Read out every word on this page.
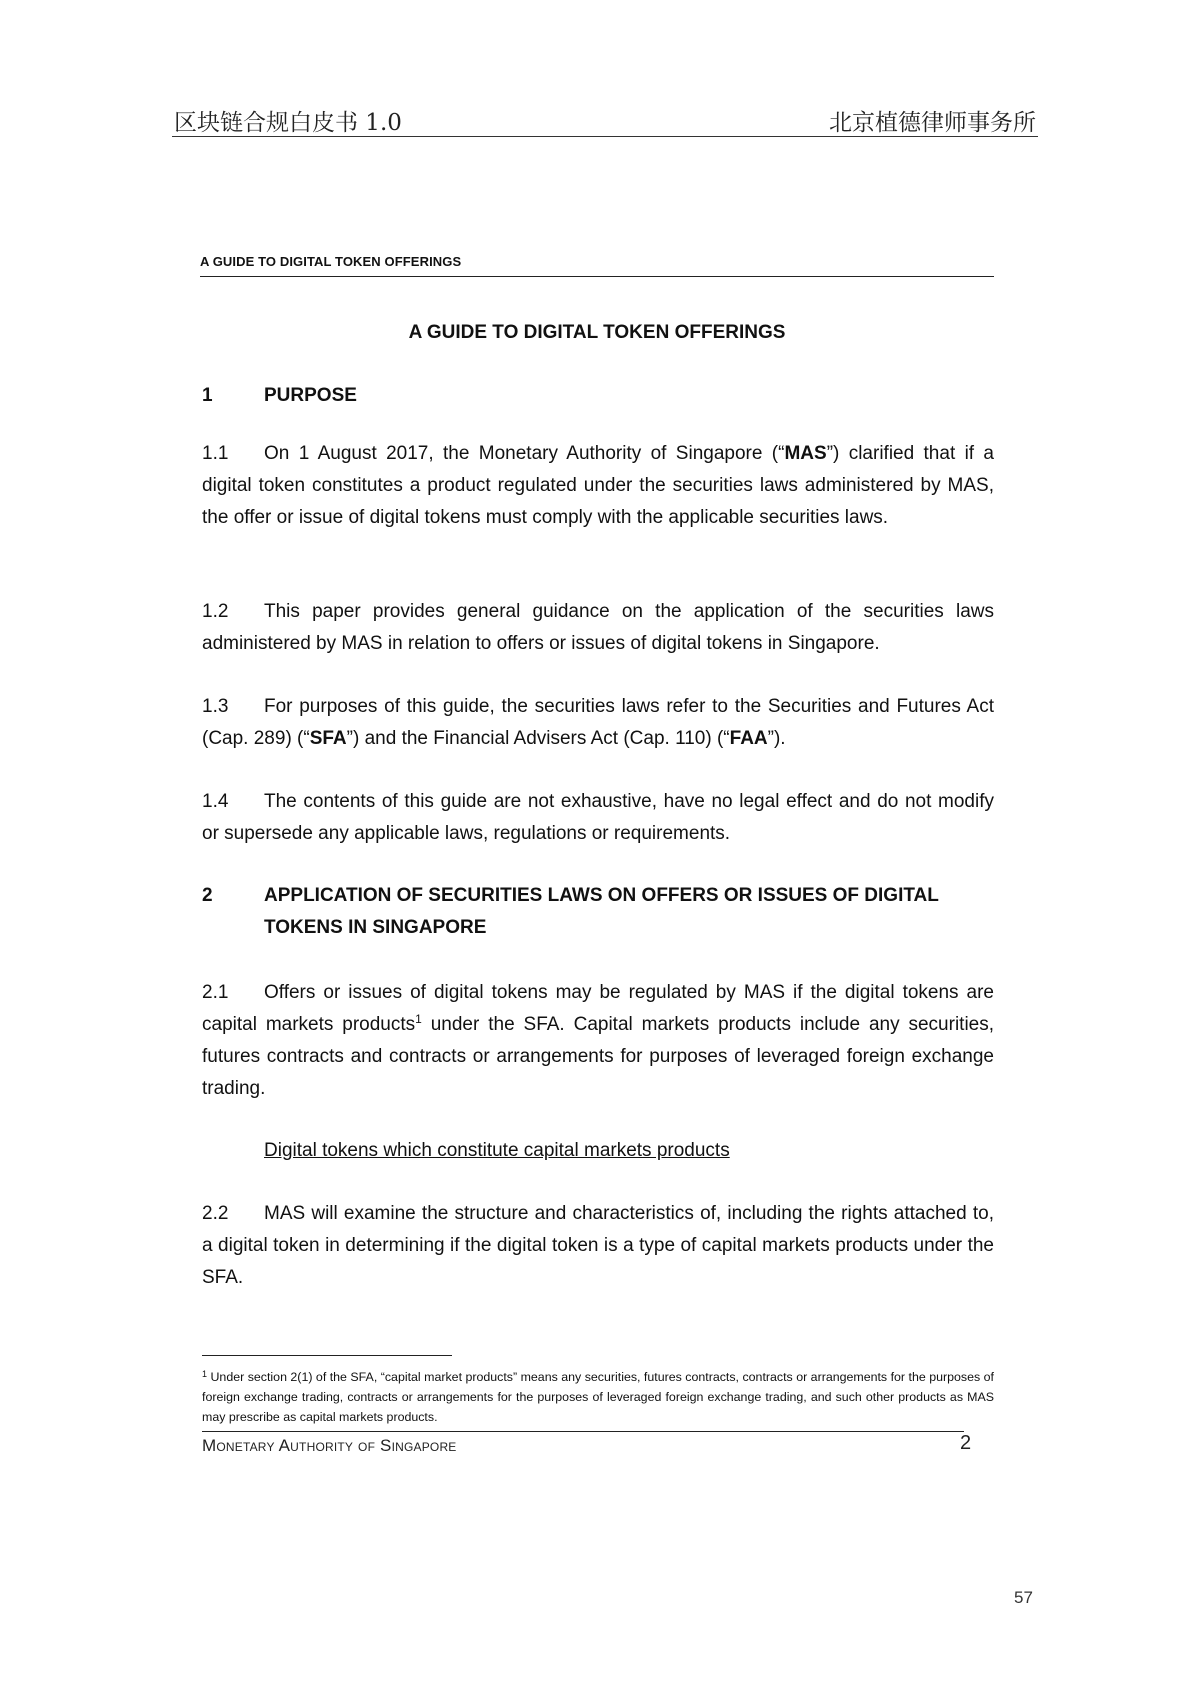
区块链合规白皮书 1.0	北京植德律师事务所
A GUIDE TO DIGITAL TOKEN OFFERINGS
A GUIDE TO DIGITAL TOKEN OFFERINGS
1	PURPOSE
1.1 On 1 August 2017, the Monetary Authority of Singapore (“MAS”) clarified that if a digital token constitutes a product regulated under the securities laws administered by MAS, the offer or issue of digital tokens must comply with the applicable securities laws.
1.2 This paper provides general guidance on the application of the securities laws administered by MAS in relation to offers or issues of digital tokens in Singapore.
1.3 For purposes of this guide, the securities laws refer to the Securities and Futures Act (Cap. 289) (“SFA”) and the Financial Advisers Act (Cap. 110) (“FAA”).
1.4 The contents of this guide are not exhaustive, have no legal effect and do not modify or supersede any applicable laws, regulations or requirements.
2	APPLICATION OF SECURITIES LAWS ON OFFERS OR ISSUES OF DIGITAL TOKENS IN SINGAPORE
2.1 Offers or issues of digital tokens may be regulated by MAS if the digital tokens are capital markets products$^1$ under the SFA. Capital markets products include any securities, futures contracts and contracts or arrangements for purposes of leveraged foreign exchange trading.
Digital tokens which constitute capital markets products
2.2 MAS will examine the structure and characteristics of, including the rights attached to, a digital token in determining if the digital token is a type of capital markets products under the SFA.
$^1$ Under section 2(1) of the SFA, “capital market products” means any securities, futures contracts, contracts or arrangements for the purposes of foreign exchange trading, contracts or arrangements for the purposes of leveraged foreign exchange trading, and such other products as MAS may prescribe as capital markets products.
Monetary Authority of Singapore	2
57
